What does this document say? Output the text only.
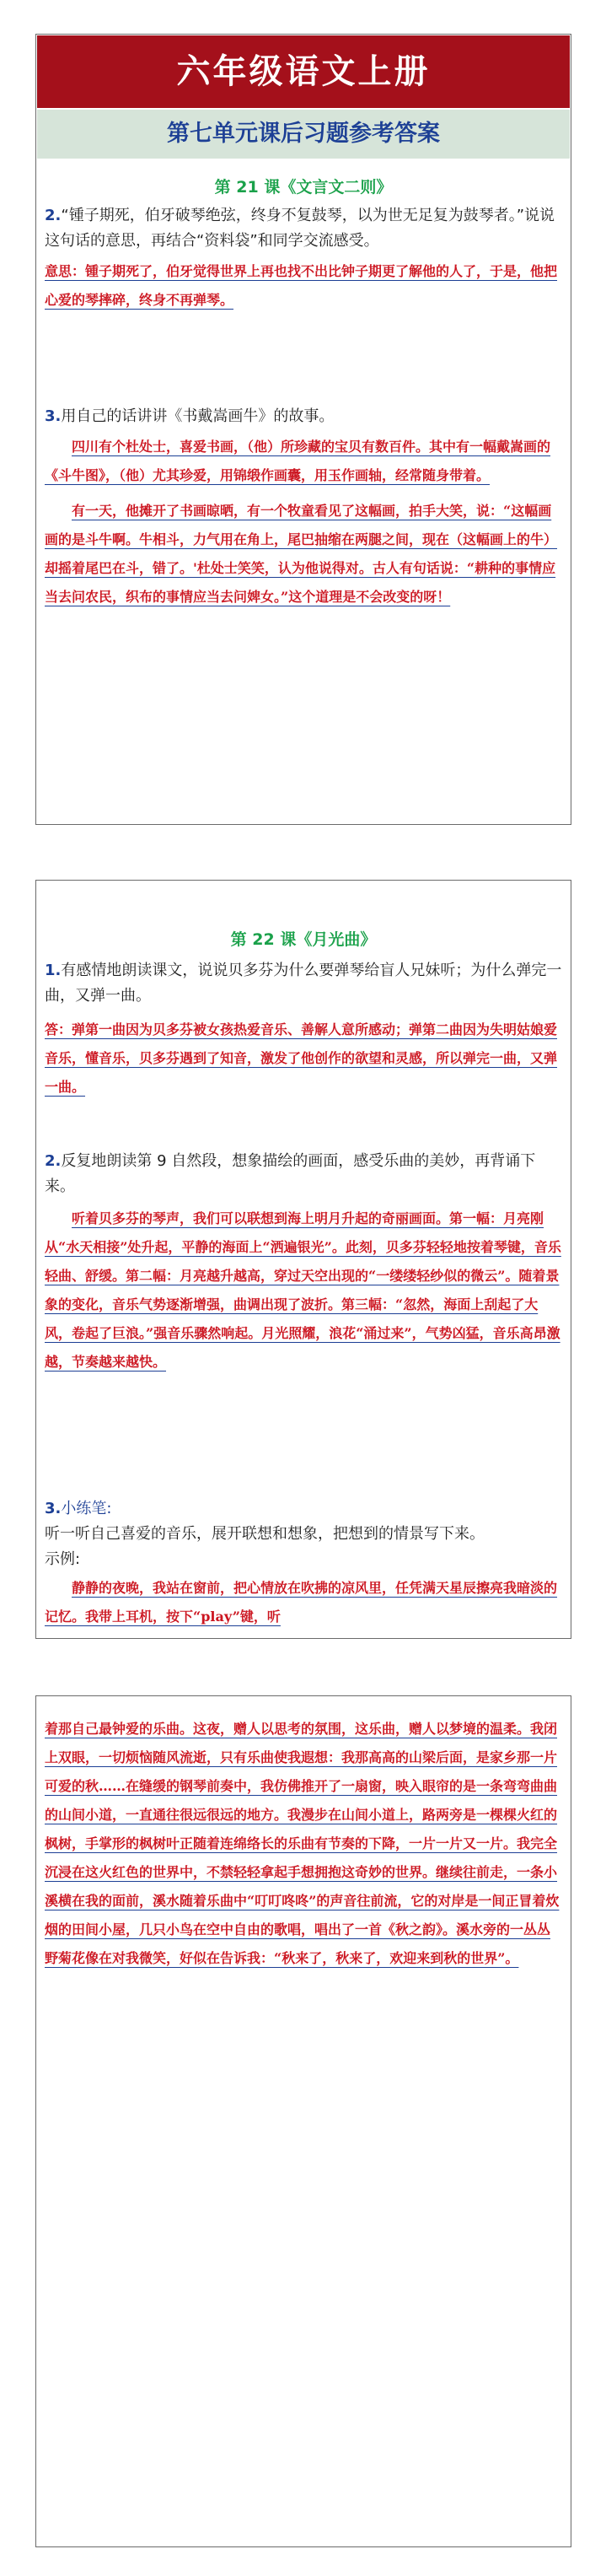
六年级语文上册
第七单元课后习题参考答案
第 21 课《文言文二则》
2.“锺子期死，伯牙破琴绝弦，终身不复鼓琴，以为世无足复为鼓琴者。”说说这句话的意思，再结合“资料袋”和同学交流感受。
意思：锺子期死了，伯牙觉得世界上再也找不出比钟子期更了解他的人了，于是，他把心爱的琴摔碎，终身不再弹琴。
3.用自己的话讲讲《书戴嵩画牛》的故事。
四川有个杜处士，喜爱书画，（他）所珍藏的宝贝有数百件。其中有一幅戴嵩画的《斗牛图》，（他）尤其珍爱，用锦缎作画囊，用玉作画轴，经常随身带着。
有一天，他摊开了书画晾晒，有一个牧童看见了这幅画，拍手大笑，说：“这幅画画的是斗牛啊。牛相斗，力气用在角上，尾巴抽缩在两腿之间，现在（这幅画上的牛）却摇着尾巴在斗，错了。'杜处士笑笑，认为他说得对。古人有句话说：“耕种的事情应当去问农民，织布的事情应当去问婢女。”这个道理是不会改变的呀！
第 22 课《月光曲》
1.有感情地朗读课文，说说贝多芬为什么要弹琴给盲人兄妹听；为什么弹完一曲，又弹一曲。
答：弹第一曲因为贝多芬被女孩热爱音乐、善解人意所感动；弹第二曲因为失明姑娘爱音乐，懂音乐，贝多芬遇到了知音，激发了他创作的欲望和灵感，所以弹完一曲，又弹一曲。
2.反复地朗读第 9 自然段，想象描绘的画面，感受乐曲的美妙，再背诵下来。
听着贝多芬的琴声，我们可以联想到海上明月升起的奇丽画面。第一幅：月亮刚从“水天相接”处升起，平静的海面上“洒遍银光”。此刻，贝多芬轻轻地按着琴键，音乐轻曲、舒缓。第二幅：月亮越升越高，穿过天空出现的“一缕缕轻纱似的微云”。随着景象的变化，音乐气势逐渐增强，曲调出现了波折。第三幅：“忽然，海面上刮起了大风，卷起了巨浪。”强音乐骤然响起。月光照耀，浪花“涌过来”，气势凶猛，音乐高昂激越，节奏越来越快。
3.小练笔:
听一听自己喜爱的音乐，展开联想和想象，把想到的情景写下来。
示例:
静静的夜晚，我站在窗前，把心情放在吹拂的凉风里，任凭满天星辰擦亮我暗淡的记忆。我带上耳机，按下“play”键，听
着那自己最钟爱的乐曲。这夜，赠人以思考的氛围，这乐曲，赠人以梦境的温柔。我闭上双眼，一切烦恼随风流逝，只有乐曲使我遐想：我那高高的山梁后面，是家乡那一片可爱的秋……在缝缓的钢琴前奏中，我仿佛推开了一扇窗，映入眼帘的是一条弯弯曲曲的山间小道，一直通往很远很远的地方。我漫步在山间小道上，路两旁是一棵棵火红的枫树，手掌形的枫树叶正随着连绵络长的乐曲有节奏的下降，一片一片又一片。我完全沉浸在这火红色的世界中，不禁轻轻拿起手想拥抱这奇妙的世界。继续往前走，一条小溪横在我的面前，溪水随着乐曲中“叮叮咚咚”的声音往前流，它的对岸是一间正冒着炊烟的田间小屋，几只小鸟在空中自由的歌唱，唱出了一首《秋之韵》。溪水旁的一丛丛野菊花像在对我微笑，好似在告诉我：“秋来了，秋来了，欢迎来到秋的世界”。
